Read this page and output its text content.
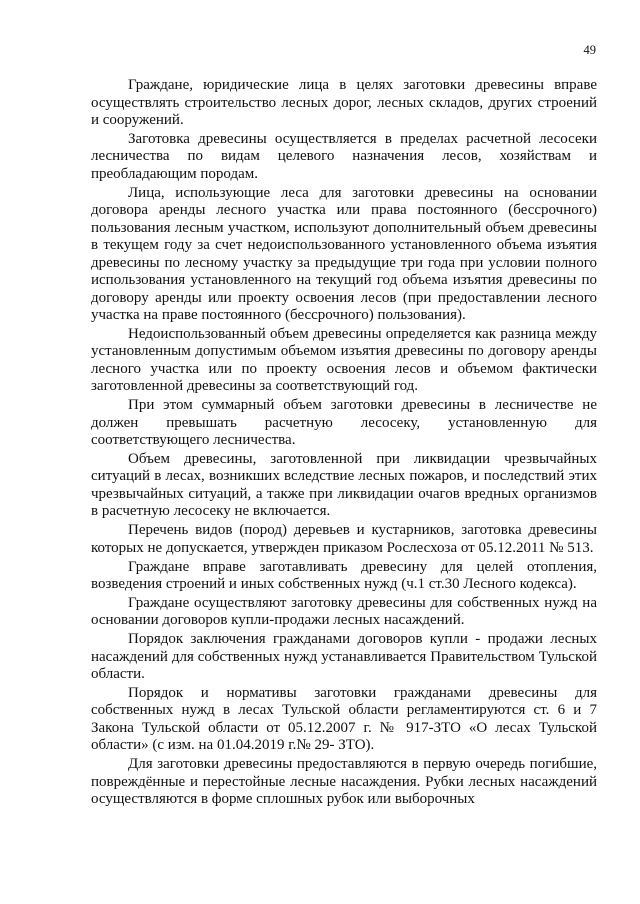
49

Граждане, юридические лица в целях заготовки древесины вправе осуществлять строительство лесных дорог, лесных складов, других строений и сооружений.

Заготовка древесины осуществляется в пределах расчетной лесосеки лесничества по видам целевого назначения лесов, хозяйствам и преобладающим породам.

Лица, использующие леса для заготовки древесины на основании договора аренды лесного участка или права постоянного (бессрочного) пользования лесным участком, используют дополнительный объем древесины в текущем году за счет недоиспользованного установленного объема изъятия древесины по лесному участку за предыдущие три года при условии полного использования установленного на текущий год объема изъятия древесины по договору аренды или проекту освоения лесов (при предоставлении лесного участка на праве постоянного (бессрочного) пользования).

Недоиспользованный объем древесины определяется как разница между установленным допустимым объемом изъятия древесины по договору аренды лесного участка или по проекту освоения лесов и объемом фактически заготовленной древесины за соответствующий год.

При этом суммарный объем заготовки древесины в лесничестве не должен превышать расчетную лесосеку, установленную для соответствующего лесничества.

Объем древесины, заготовленной при ликвидации чрезвычайных ситуаций в лесах, возникших вследствие лесных пожаров, и последствий этих чрезвычайных ситуаций, а также при ликвидации очагов вредных организмов в расчетную лесосеку не включается.

Перечень видов (пород) деревьев и кустарников, заготовка древесины которых не допускается, утвержден приказом Рослесхоза от 05.12.2011 № 513.

Граждане вправе заготавливать древесину для целей отопления, возведения строений и иных собственных нужд (ч.1 ст.30 Лесного кодекса).

Граждане осуществляют заготовку древесины для собственных нужд на основании договоров купли-продажи лесных насаждений.

Порядок заключения гражданами договоров купли - продажи лесных насаждений для собственных нужд устанавливается Правительством Тульской области.

Порядок и нормативы заготовки гражданами древесины для собственных нужд в лесах Тульской области регламентируются ст. 6 и 7 Закона Тульской области от 05.12.2007 г. № 917-ЗТО «О лесах Тульской области» (с изм. на 01.04.2019 г.№ 29- ЗТО).

Для заготовки древесины предоставляются в первую очередь погибшие, повреждённые и перестойные лесные насаждения. Рубки лесных насаждений осуществляются в форме сплошных рубок или выборочных
